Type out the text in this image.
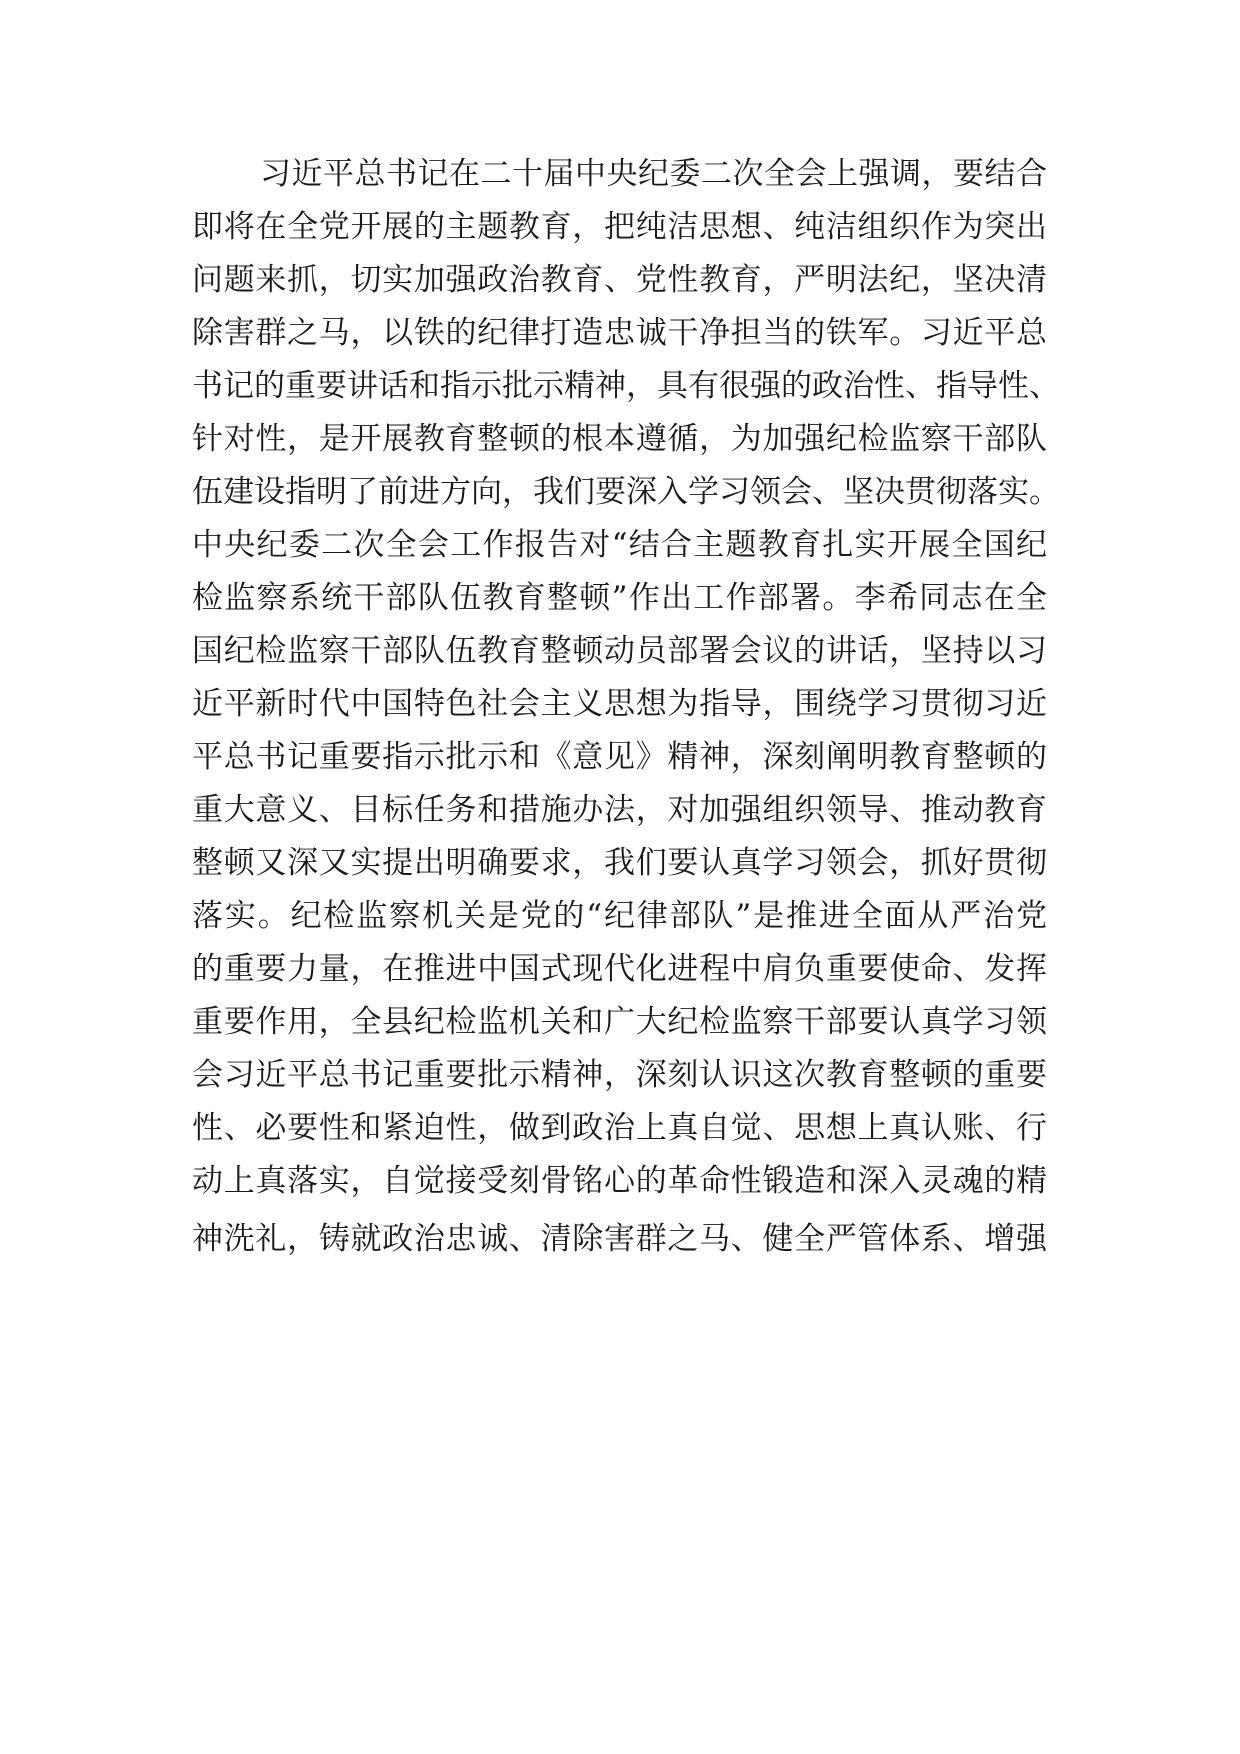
习近平总书记在二十届中央纪委二次全会上强调，要结合
即将在全党开展的主题教育，把纯洁思想、纯洁组织作为突出
问题来抓，切实加强政治教育、党性教育，严明法纪，坚决清
除害群之马，以铁的纪律打造忠诚干净担当的铁军。习近平总
书记的重要讲话和指示批示精神，具有很强的政治性、指导性、
针对性，是开展教育整顿的根本遵循，为加强纪检监察干部队
伍建设指明了前进方向，我们要深入学习领会、坚决贯彻落实。
中央纪委二次全会工作报告对“结合主题教育扎实开展全国纪
检监察系统干部队伍教育整顿”作出工作部署。李希同志在全
国纪检监察干部队伍教育整顿动员部署会议的讲话，坚持以习
近平新时代中国特色社会主义思想为指导，围绕学习贯彻习近
平总书记重要指示批示和《意见》精神，深刻阐明教育整顿的
重大意义、目标任务和措施办法，对加强组织领导、推动教育
整顿又深又实提出明确要求，我们要认真学习领会，抓好贯彻
落实。纪检监察机关是党的“纪律部队”是推进全面从严治党
的重要力量，在推进中国式现代化进程中肩负重要使命、发挥
重要作用，全县纪检监机关和广大纪检监察干部要认真学习领
会习近平总书记重要批示精神，深刻认识这次教育整顿的重要
性、必要性和紧迫性，做到政治上真自觉、思想上真认账、行
动上真落实，自觉接受刻骨铭心的革命性锻造和深入灵魂的精
神洗礼，铸就政治忠诚、清除害群之马、健全严管体系、增强
